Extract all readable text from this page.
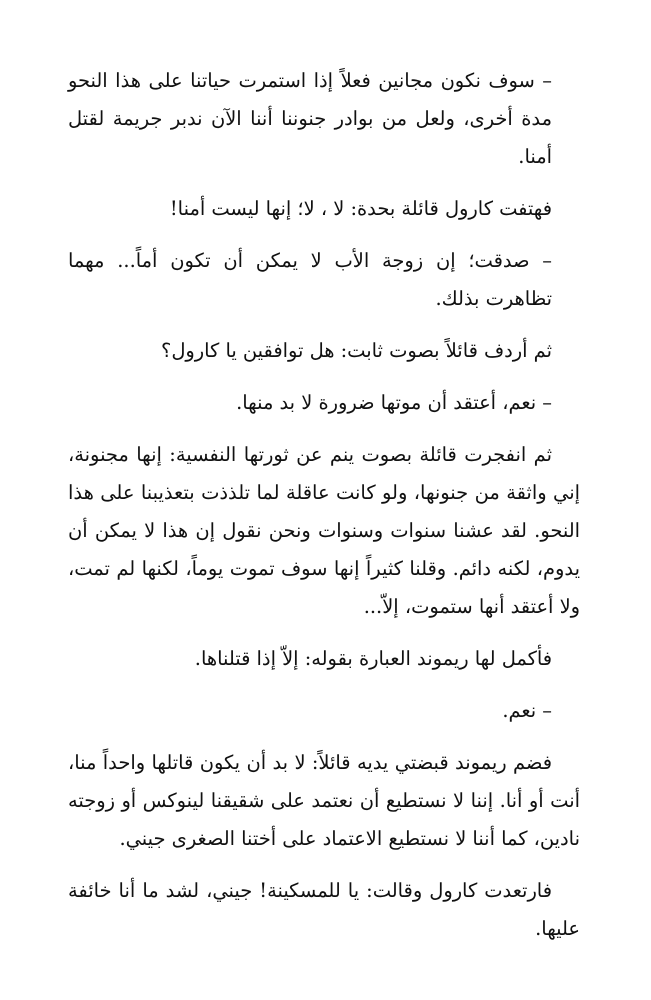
– سوف نكون مجانين فعلاً إذا استمرت حياتنا على هذا النحو مدة أخرى، ولعل من بوادر جنوننا أننا الآن ندبر جريمة لقتل أمنا.

فهتفت كارول قائلة بحدة: لا ، لا؛ إنها ليست أمنا!

– صدقت؛ إن زوجة الأب لا يمكن أن تكون أماً... مهما تظاهرت بذلك.

ثم أردف قائلاً بصوت ثابت: هل توافقين يا كارول؟

– نعم، أعتقد أن موتها ضرورة لا بد منها.

ثم انفجرت قائلة بصوت ينم عن ثورتها النفسية: إنها مجنونة، إني واثقة من جنونها، ولو كانت عاقلة لما تلذذت بتعذيبنا على هذا النحو. لقد عشنا سنوات وسنوات ونحن نقول إن هذا لا يمكن أن يدوم، لكنه دائم. وقلنا كثيراً إنها سوف تموت يوماً، لكنها لم تمت، ولا أعتقد أنها ستموت، إلاّ...

فأكمل لها ريموند العبارة بقوله: إلاّ إذا قتلناها.

– نعم.

فضم ريموند قبضتي يديه قائلاً: لا بد أن يكون قاتلها واحداً منا، أنت أو أنا. إننا لا نستطيع أن نعتمد على شقيقنا لينوكس أو زوجته نادين، كما أننا لا نستطيع الاعتماد على أختنا الصغرى جيني.

فارتعدت كارول وقالت: يا للمسكينة! جيني، لشد ما أنا خائفة عليها.
